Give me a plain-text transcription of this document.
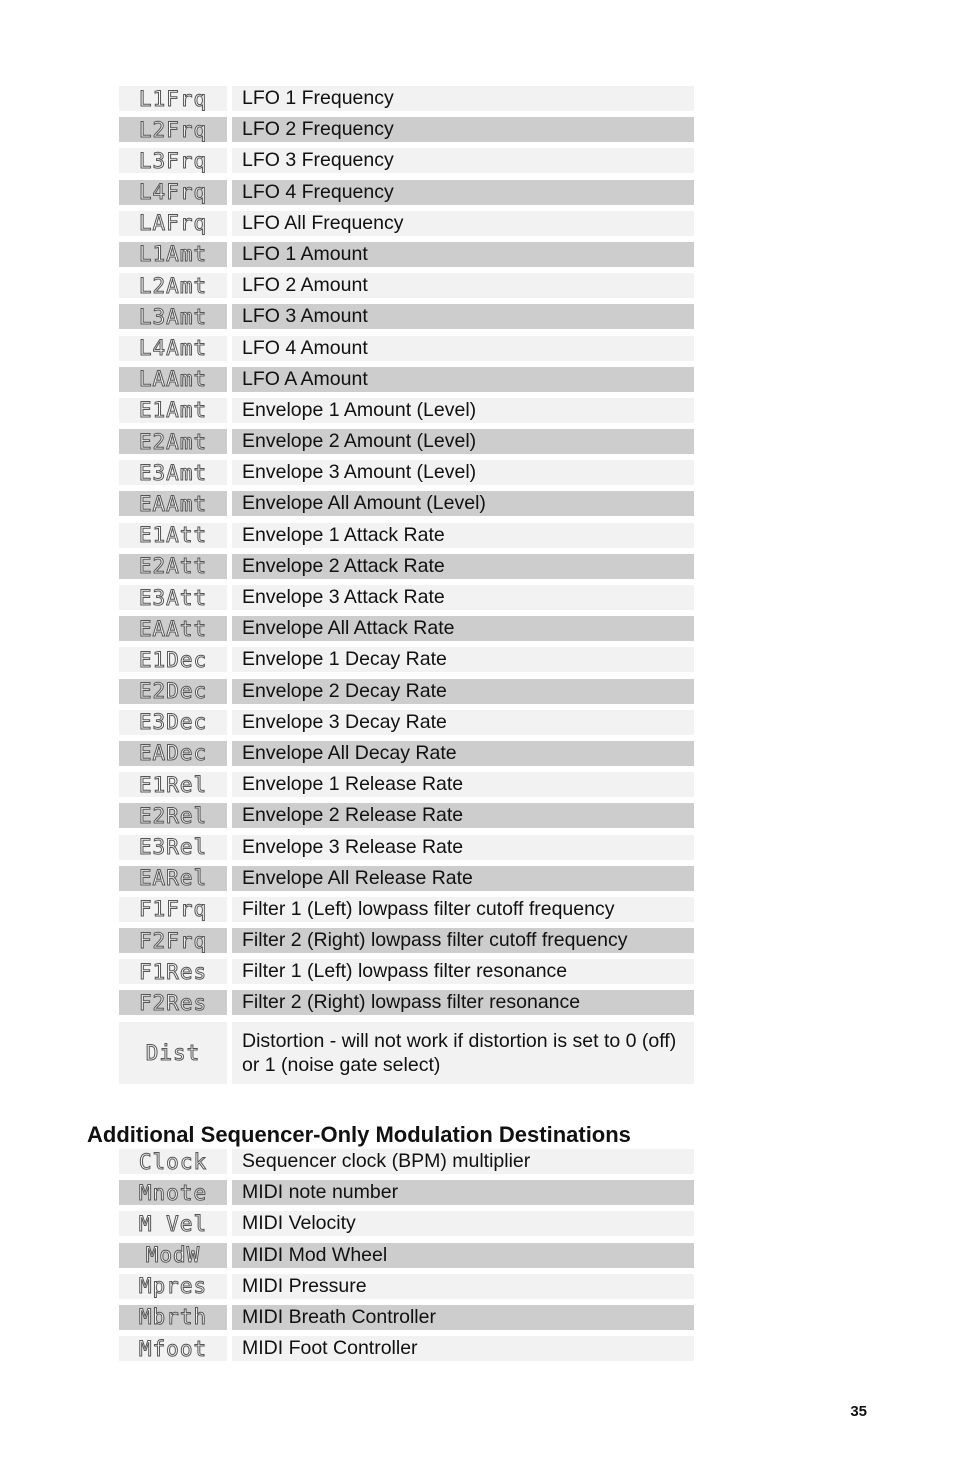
L1Frq	LFO 1 Frequency
L2Frq	LFO 2 Frequency
L3Frq	LFO 3 Frequency
L4Frq	LFO 4 Frequency
LAFrq	LFO All Frequency
L1Amt	LFO 1 Amount
L2Amt	LFO 2 Amount
L3Amt	LFO 3 Amount
L4Amt	LFO 4 Amount
LAAmt	LFO A Amount
E1Amt	Envelope 1 Amount (Level)
E2Amt	Envelope 2 Amount (Level)
E3Amt	Envelope 3 Amount (Level)
EAAmt	Envelope All Amount (Level)
E1Att	Envelope 1 Attack Rate
E2Att	Envelope 2 Attack Rate
E3Att	Envelope 3 Attack Rate
EAAtt	Envelope All Attack Rate
E1Dec	Envelope 1 Decay Rate
E2Dec	Envelope 2 Decay Rate
E3Dec	Envelope 3 Decay Rate
EADec	Envelope All Decay Rate
E1Rel	Envelope 1 Release Rate
E2Rel	Envelope 2 Release Rate
E3Rel	Envelope 3 Release Rate
EARel	Envelope All Release Rate
F1Frq	Filter 1 (Left) lowpass filter cutoff frequency
F2Frq	Filter 2 (Right) lowpass filter cutoff frequency
F1Res	Filter 1 (Left) lowpass filter resonance
F2Res	Filter 2 (Right) lowpass filter resonance
Dist	Distortion - will not work if distortion is set to 0 (off) or 1 (noise gate select)
Additional Sequencer-Only Modulation Destinations
Clock	Sequencer clock (BPM) multiplier
Mnote	MIDI note number
M Vel	MIDI Velocity
ModW	MIDI Mod Wheel
Mpres	MIDI Pressure
Mbrth	MIDI Breath Controller
Mfoot	MIDI Foot Controller
35
